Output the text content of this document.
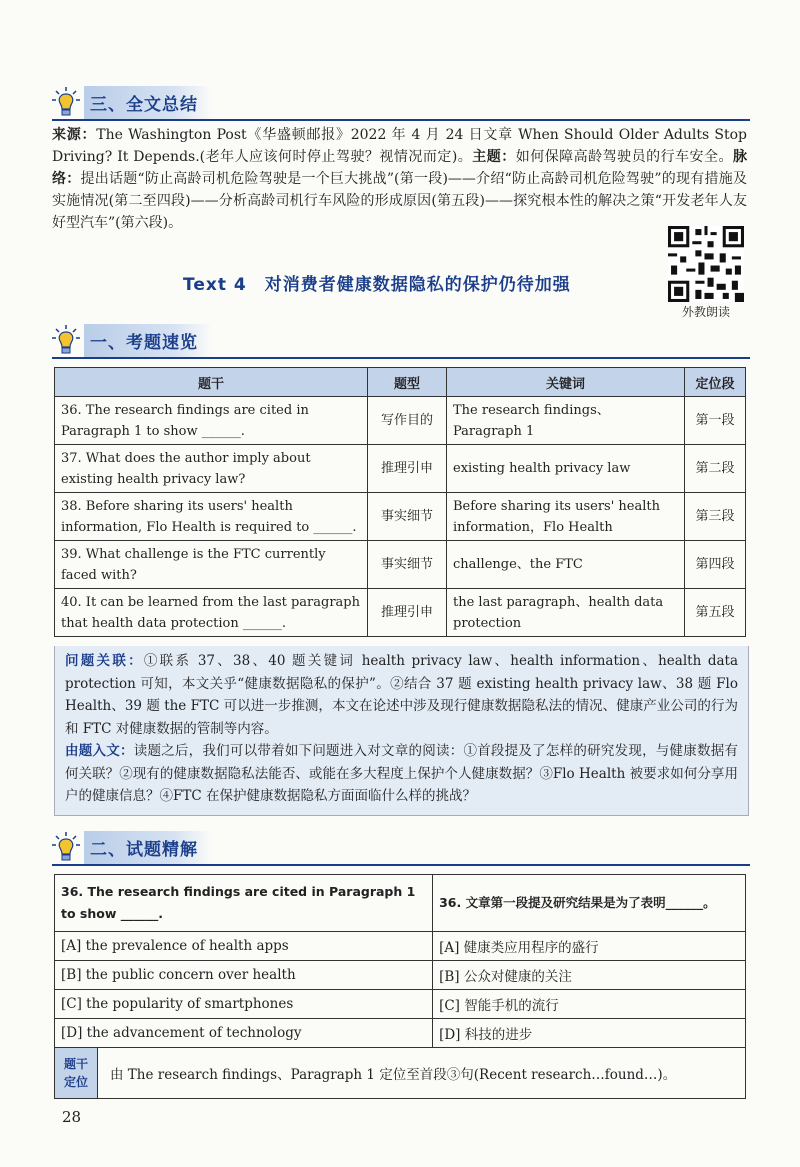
三、全文总结
来源：The Washington Post《华盛顿邮报》2022 年 4 月 24 日文章 When Should Older Adults Stop Driving? It Depends.(老年人应该何时停止驾驶？视情况而定)。主题：如何保障高龄驾驶员的行车安全。脉络：提出话题“防止高龄司机危险驾驶是一个巨大挑战”(第一段)——介绍“防止高龄司机危险驾驶”的现有措施及实施情况(第二至四段)——分析高龄司机行车风险的形成原因(第五段)——探究根本性的解决之策“开发老年人友好型汽车”(第六段)。
Text 4　对消费者健康数据隐私的保护仍待加强
外教朗读
一、考题速览
题干	题型	关键词	定位段
36. The research findings are cited in Paragraph 1 to show ______.	写作目的	The research findings、Paragraph 1	第一段
37. What does the author imply about existing health privacy law?	推理引申	existing health privacy law	第二段
38. Before sharing its users' health information, Flo Health is required to ______.	事实细节	Before sharing its users' health information，Flo Health	第三段
39. What challenge is the FTC currently faced with?	事实细节	challenge、the FTC	第四段
40. It can be learned from the last paragraph that health data protection ______.	推理引申	the last paragraph、health data protection	第五段
问题关联：①联系 37、38、40 题关键词 health privacy law、health information、health data protection 可知，本文关乎“健康数据隐私的保护”。②结合 37 题 existing health privacy law、38 题 Flo Health、39 题 the FTC 可以进一步推测，本文在论述中涉及现行健康数据隐私法的情况、健康产业公司的行为和 FTC 对健康数据的管制等内容。
由题入文：读题之后，我们可以带着如下问题进入对文章的阅读：①首段提及了怎样的研究发现，与健康数据有何关联？②现有的健康数据隐私法能否、或能在多大程度上保护个人健康数据？③Flo Health 被要求如何分享用户的健康信息？④FTC 在保护健康数据隐私方面面临什么样的挑战？
二、试题精解
36. The research findings are cited in Paragraph 1 to show ______.		36. 文章第一段提及研究结果是为了表明______。
[A] the prevalence of health apps		[A] 健康类应用程序的盛行
[B] the public concern over health		[B] 公众对健康的关注
[C] the popularity of smartphones		[C] 智能手机的流行
[D] the advancement of technology		[D] 科技的进步
题干定位	由 The research findings、Paragraph 1 定位至首段③句(Recent research…found…)。	
28
